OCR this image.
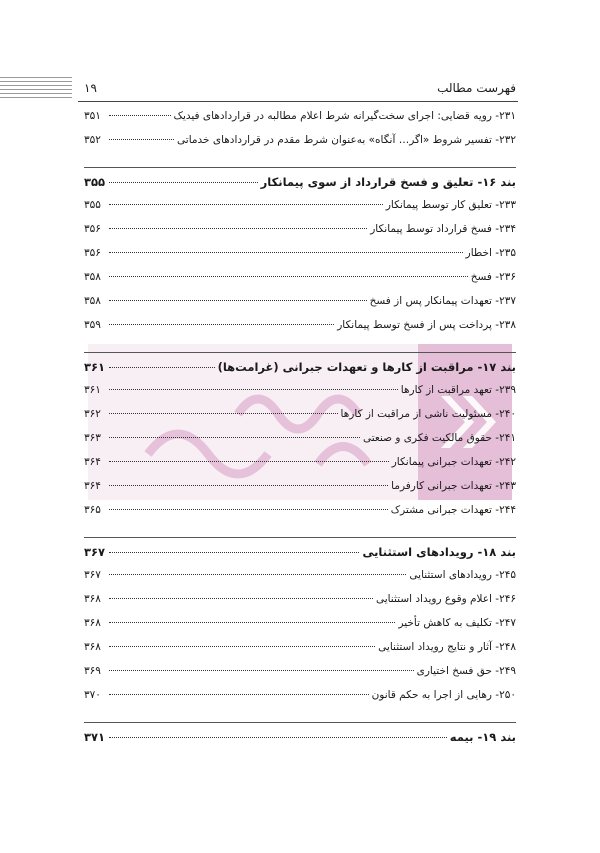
۱۹	فهرست مطالب
۲۳۱- رویه قضایی: اجرای سخت‌گیرانه شرط اعلام مطالبه در قراردادهای فیدیک
۳۵۱
۲۳۲- تفسیر شروط «اگر… آنگاه» به‌عنوان شرط مقدم در قراردادهای خدماتی
۳۵۲
بند ۱۶- تعلیق و فسخ قرارداد از سوی پیمانکار
۳۵۵
۲۳۳- تعلیق کار توسط پیمانکار
۳۵۵
۲۳۴- فسخ قرارداد توسط پیمانکار
۳۵۶
۲۳۵- اخطار
۳۵۶
۲۳۶- فسخ
۳۵۸
۲۳۷- تعهدات پیمانکار پس از فسخ
۳۵۸
۲۳۸- پرداخت پس از فسخ توسط پیمانکار
۳۵۹
بند ۱۷- مراقبت از کارها و تعهدات جبرانی (غرامت‌ها)
۳۶۱
۲۳۹- تعهد مراقبت از کارها
۳۶۱
۲۴۰- مسئولیت ناشی از مراقبت از کارها
۳۶۲
۲۴۱- حقوق مالکیت فکری و صنعتی
۳۶۳
۲۴۲- تعهدات جبرانی پیمانکار
۳۶۴
۲۴۳- تعهدات جبرانی کارفرما
۳۶۴
۲۴۴- تعهدات جبرانی مشترک
۳۶۵
بند ۱۸- رویدادهای استثنایی
۳۶۷
۲۴۵- رویدادهای استثنایی
۳۶۷
۲۴۶- اعلام وقوع رویداد استثنایی
۳۶۸
۲۴۷- تکلیف به کاهش تأخیر
۳۶۸
۲۴۸- آثار و نتایج رویداد استثنایی
۳۶۸
۲۴۹- حق فسخ اختیاری
۳۶۹
۲۵۰- رهایی از اجرا به حکم قانون
۳۷۰
بند ۱۹- بیمه
۳۷۱
